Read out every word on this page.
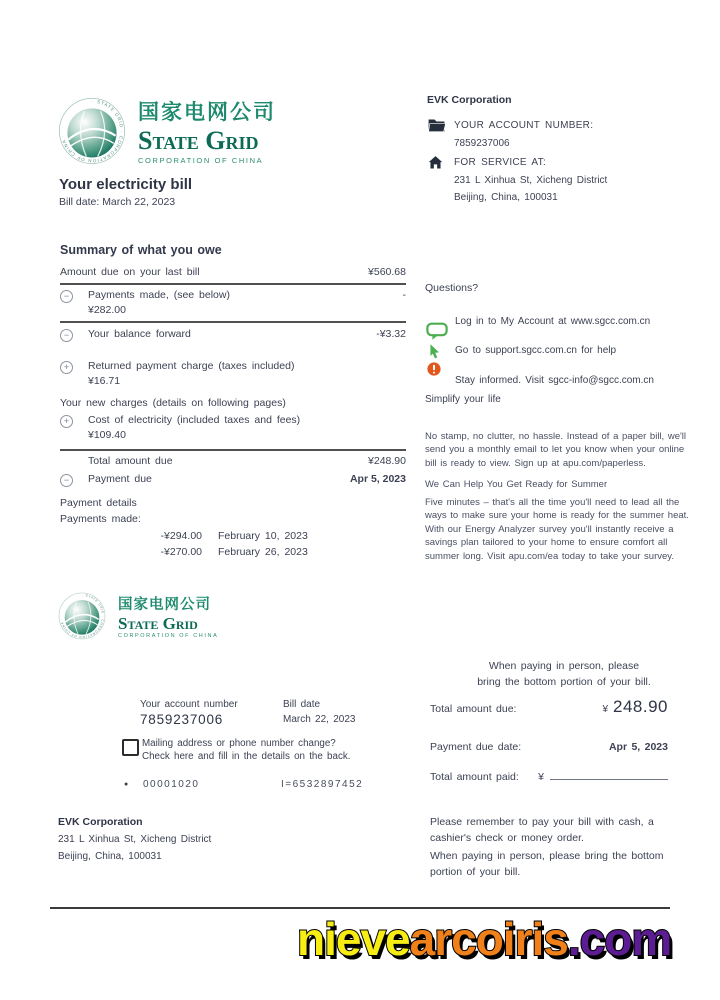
· STATE GRID · CORPORATION OF CHINA ·
国家电网公司
State Grid
CORPORATION OF CHINA
Your electricity bill
Bill date: March 22, 2023
EVK Corporation
YOUR ACCOUNT NUMBER:
7859237006
FOR SERVICE AT:
231 L Xinhua St, Xicheng District
Beijing, China, 100031
Summary of what you owe
Amount due on your last bill	¥560.68
−	Payments made, (see below)	-
¥282.00
−	Your balance forward	-¥3.32
+	Returned payment charge (taxes included)
¥16.71
Your new charges (details on following pages)
+	Cost of electricity (included taxes and fees)
¥109.40
Total amount due	¥248.90
−	Payment due	Apr 5, 2023
Payment details
Payments made:
-¥294.00 February 10, 2023
-¥270.00 February 26, 2023
Questions?
Log in to My Account at www.sgcc.com.cn
Go to support.sgcc.com.cn for help
Stay informed. Visit sgcc-info@sgcc.com.cn
Simplify your life
No stamp, no clutter, no hassle. Instead of a paper bill, we'll send you a monthly email to let you know when your online bill is ready to view. Sign up at apu.com/paperless.
We Can Help You Get Ready for Summer
Five minutes – that's all the time you'll need to lead all the ways to make sure your home is ready for the summer heat. With our Energy Analyzer survey you'll instantly receive a savings plan tailored to your home to ensure comfort all summer long. Visit apu.com/ea today to take your survey.
· STATE GRID · CORPORATION OF CHINA ·
国家电网公司
State Grid
CORPORATION OF CHINA
When paying in person, please
bring the bottom portion of your bill.
Total amount due:	¥ 248.90
Payment due date:	Apr 5, 2023
Total amount paid: ¥
Your account number	Bill date
7859237006	March 22, 2023
Mailing address or phone number change?
Check here and fill in the details on the back.
● 00001020	I=6532897452
EVK Corporation
231 L Xinhua St, Xicheng District
Beijing, China, 100031
Please remember to pay your bill with cash, a cashier's check or money order.
When paying in person, please bring the bottom portion of your bill.
nievearcoiris.com
